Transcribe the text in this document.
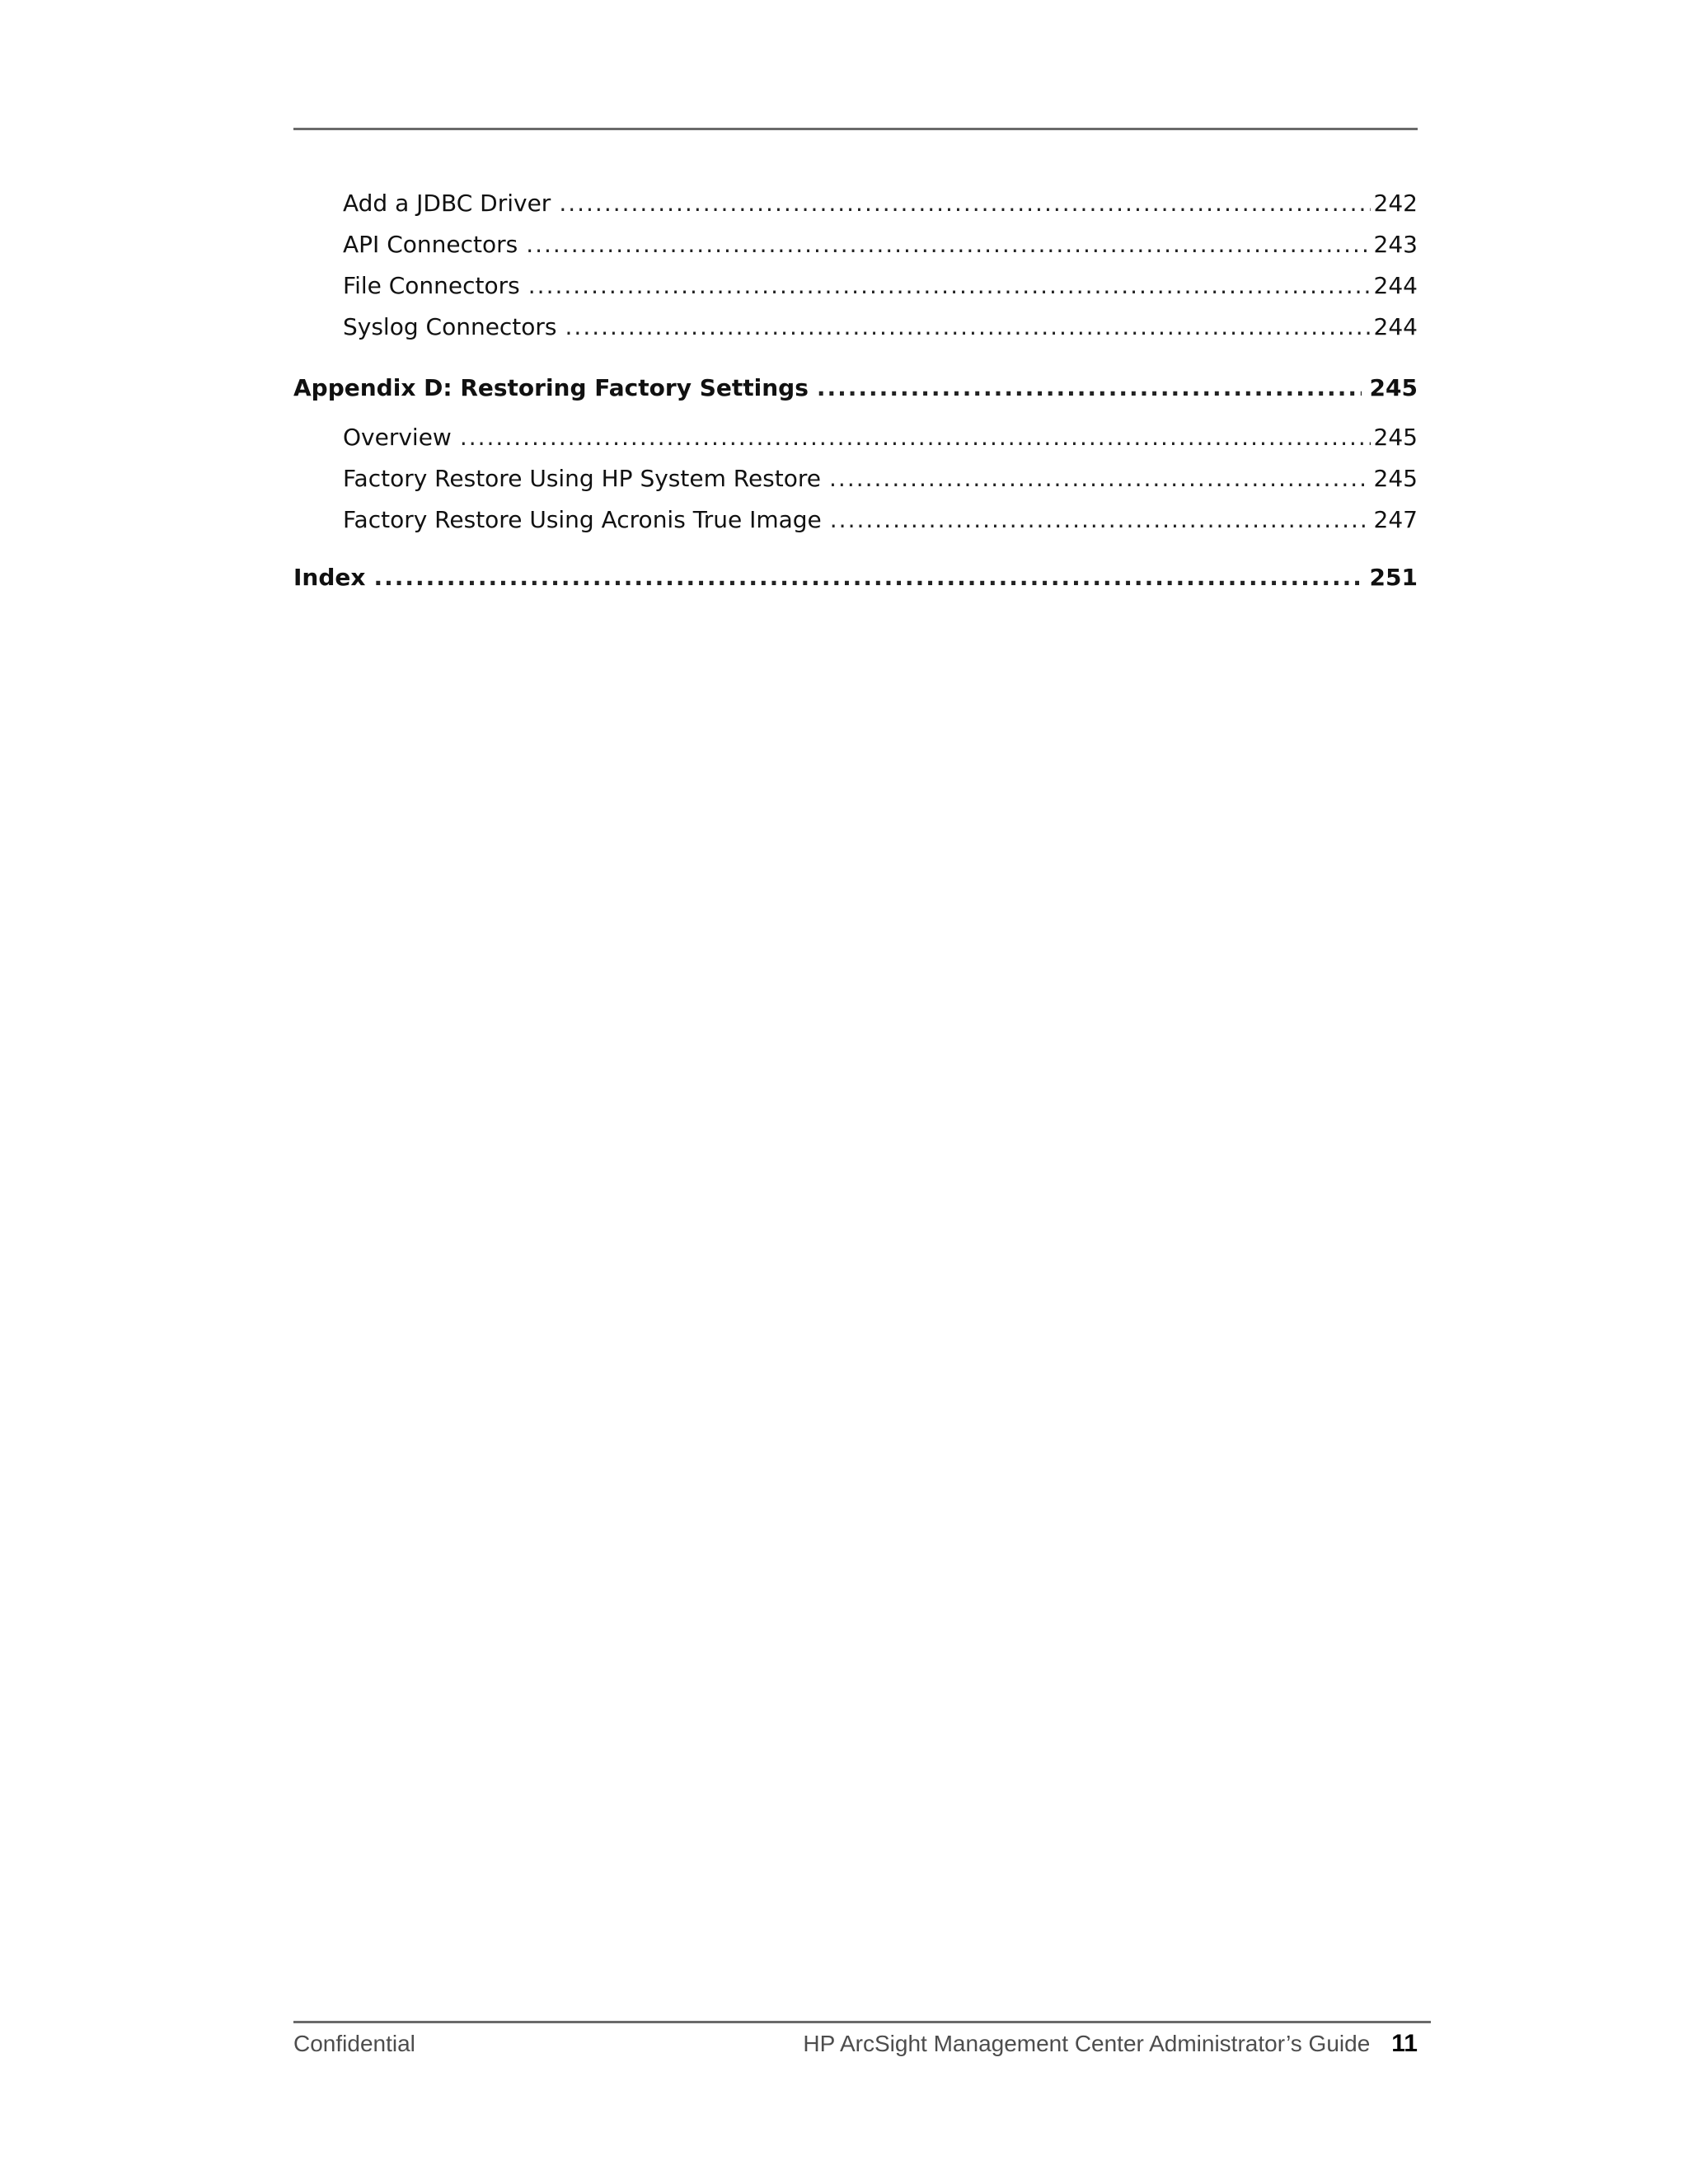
Add a JDBC Driver .....	242
API Connectors .....	243
File Connectors .....	244
Syslog Connectors .....	244
Appendix D: Restoring Factory Settings .....	245
Overview .....	245
Factory Restore Using HP System Restore .....	245
Factory Restore Using Acronis True Image .....	247
Index .....	251
Confidential	HP ArcSight Management Center Administrator’s Guide 11
